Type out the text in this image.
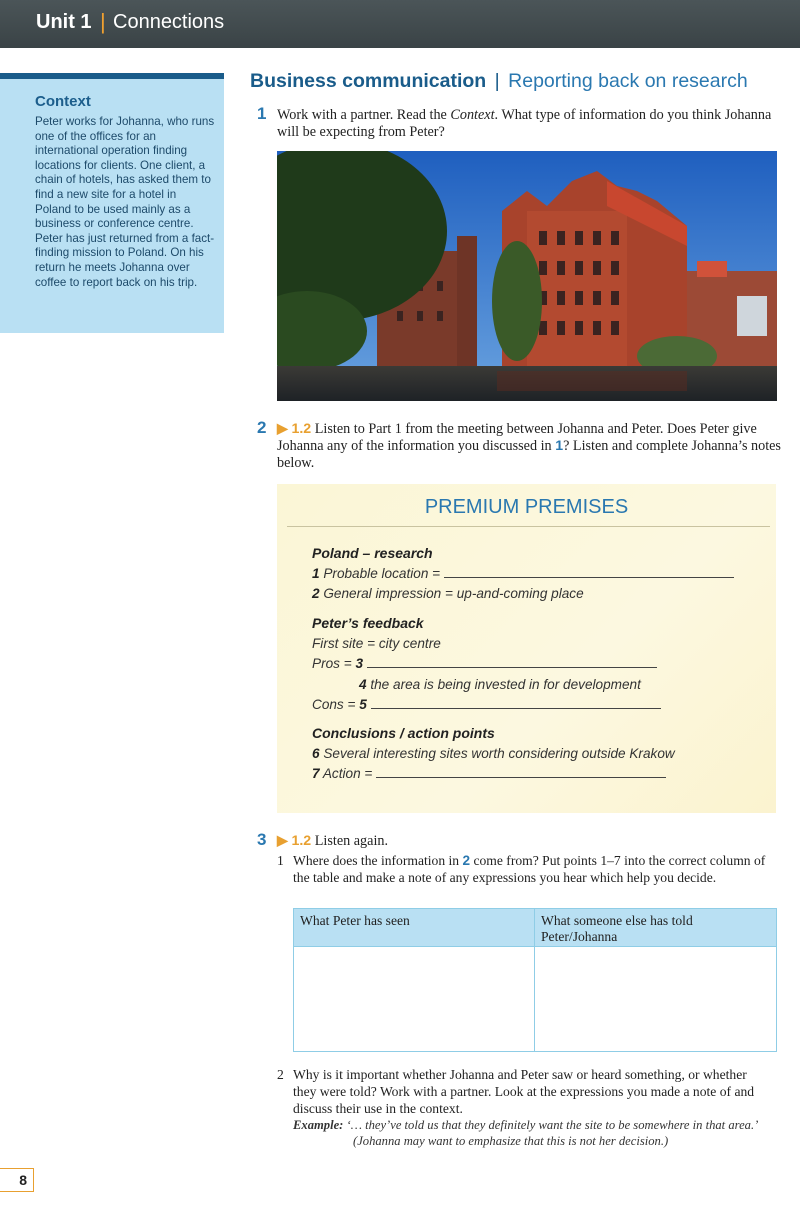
Unit 1 | Connections
Context

Peter works for Johanna, who runs one of the offices for an international operation finding locations for clients. One client, a chain of hotels, has asked them to find a new site for a hotel in Poland to be used mainly as a business or conference centre. Peter has just returned from a fact-finding mission to Poland. On his return he meets Johanna over coffee to report back on his trip.

Business communication | Reporting back on research
1 Work with a partner. Read the Context. What type of information do you think Johanna will be expecting from Peter?
2 ▶ 1.2 Listen to Part 1 from the meeting between Johanna and Peter. Does Peter give Johanna any of the information you discussed in 1? Listen and complete Johanna’s notes below.
PREMIUM PREMISES
Poland – research
1 Probable location =
2 General impression = up-and-coming place
Peter’s feedback
First site = city centre
Pros = 3
4 the area is being invested in for development
Cons = 5
Conclusions / action points
6 Several interesting sites worth considering outside Krakow
7 Action =
3 ▶ 1.2 Listen again.
1 Where does the information in 2 come from? Put points 1–7 into the correct column of the table and make a note of any expressions you hear which help you decide.
What Peter has seen	What someone else has told Peter/Johanna
2 Why is it important whether Johanna and Peter saw or heard something, or whether they were told? Work with a partner. Look at the expressions you made a note of and discuss their use in the context.
Example: ‘… they’ve told us that they definitely want the site to be somewhere in that area.’
(Johanna may want to emphasize that this is not her decision.)
8
